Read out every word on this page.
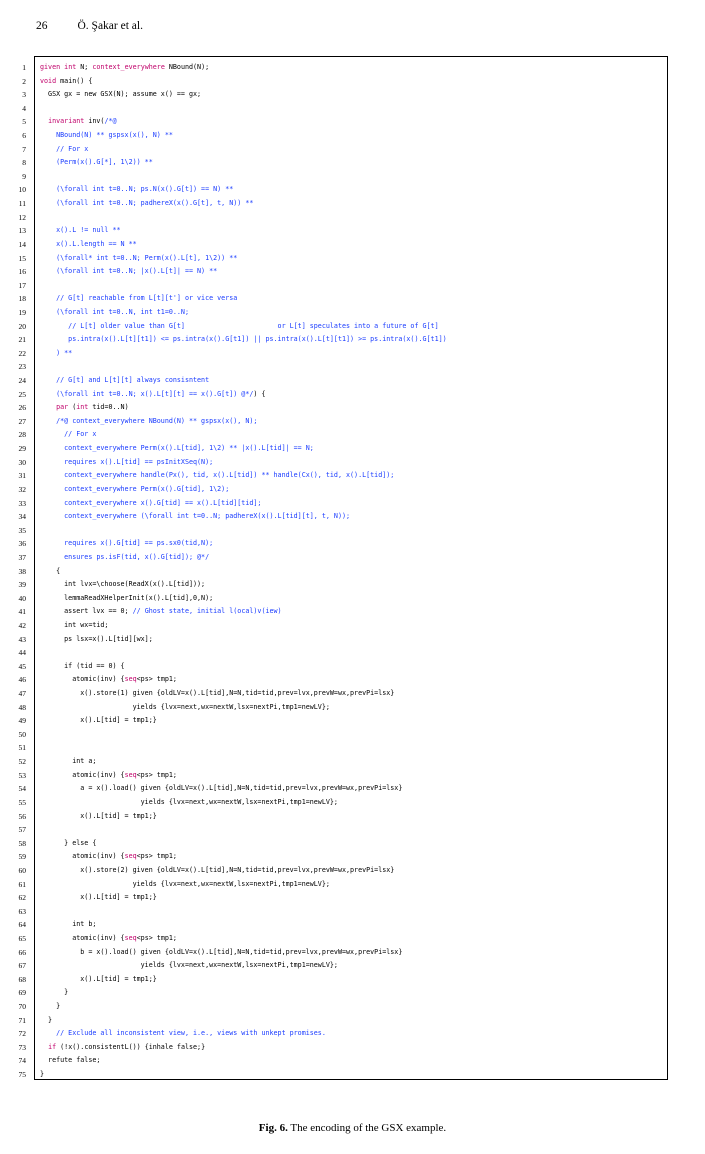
26	Ö. Şakar et al.
1 given int N; context_everywhere NBound(N);
2 void main() {
3 GSX gx = new GSX(N); assume x() == gx;
4
5	invariant inv(/*@
6 NBound(N) ** gspsx(x(), N) **
7 // For x
8 (Perm(x().G[*], 1\2)) **
9
10 (\forall int t=0..N; ps.N(x().G[t]) == N) **
11 (\forall int t=0..N; padhereX(x().G[t], t, N)) **
12
13 x().L != null **
14 x().L.length == N **
15 (\forall* int t=0..N; Perm(x().L[t], 1\2)) **
16 (\forall int t=0..N; |x().L[t]| == N) **
17
18 // G[t] reachable from L[t][t'] or vice versa
19 (\forall int t=0..N, int t1=0..N;
20 // L[t] older value than G[t]                       or L[t] speculates into a future of G[t]
21 ps.intra(x().L[t][t1]) <= ps.intra(x().G[t1]) || ps.intra(x().L[t][t1]) >= ps.intra(x().G[t1])
22 ) **
23
24 // G[t] and L[t][t] always consisntent
25 (\forall int t=0..N; x().L[t][t] == x().G[t]) @*/) {
26	par (int tid=0..N)
27 /*@ context_everywhere NBound(N) ** gspsx(x(), N);
28 // For x
29 context_everywhere Perm(x().L[tid], 1\2) ** |x().L[tid]| == N;
30 requires x().L[tid] == psInitXSeq(N);
31 context_everywhere handle(Px(), tid, x().L[tid]) ** handle(Cx(), tid, x().L[tid]);
32 context_everywhere Perm(x().G[tid], 1\2);
33 context_everywhere x().G[tid] == x().L[tid][tid];
34 context_everywhere (\forall int t=0..N; padhereX(x().L[tid][t], t, N));
35
36 requires x().G[tid] == ps.sx0(tid,N);
37 ensures ps.isF(tid, x().G[tid]); @*/
38 {
39 int lvx=\choose(ReadX(x().L[tid]));
40 lemmaReadXHelperInit(x().L[tid],0,N);
41 assert lvx == 0; // Ghost state, initial l(ocal)v(iew)
42 int wx=tid;
43 ps lsx=x().L[tid][wx];
44
45 if (tid == 0) {
46 atomic(inv) {seq<ps> tmp1;
47 x().store(1) given {oldLV=x().L[tid],N=N,tid=tid,prev=lvx,prevW=wx,prevPi=lsx}
48 yields {lvx=next,wx=nextW,lsx=nextPi,tmp1=newLV};
49 x().L[tid] = tmp1;}
50
51
52 int a;
53 atomic(inv) {seq<ps> tmp1;
54 a = x().load() given {oldLV=x().L[tid],N=N,tid=tid,prev=lvx,prevW=wx,prevPi=lsx}
55 yields {lvx=next,wx=nextW,lsx=nextPi,tmp1=newLV};
56 x().L[tid] = tmp1;}
57
58 } else {
59 atomic(inv) {seq<ps> tmp1;
60 x().store(2) given {oldLV=x().L[tid],N=N,tid=tid,prev=lvx,prevW=wx,prevPi=lsx}
61 yields {lvx=next,wx=nextW,lsx=nextPi,tmp1=newLV};
62 x().L[tid] = tmp1;}
63
64 int b;
65 atomic(inv) {seq<ps> tmp1;
66 b = x().load() given {oldLV=x().L[tid],N=N,tid=tid,prev=lvx,prevW=wx,prevPi=lsx}
67 yields {lvx=next,wx=nextW,lsx=nextPi,tmp1=newLV};
68 x().L[tid] = tmp1;}
69 }
70 }
71 }
72 // Exclude all inconsistent view, i.e., views with unkept promises.
73	if (!x().consistentL()) {inhale false;}
74 refute false;
75 }
Fig. 6. The encoding of the GSX example.
